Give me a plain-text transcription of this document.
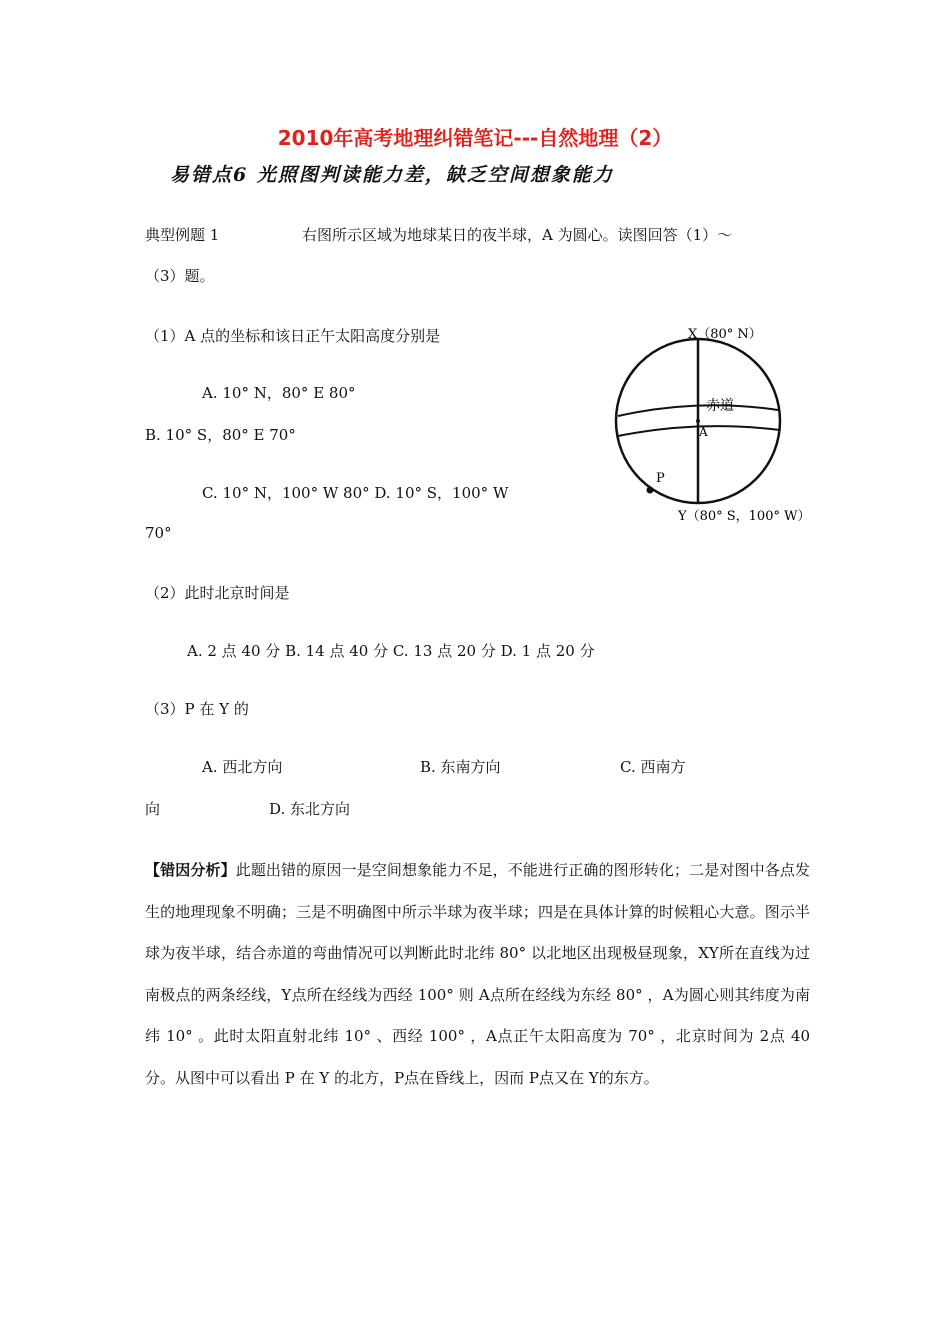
2010年高考地理纠错笔记---自然地理（2）
易错点6 光照图判读能力差，缺乏空间想象能力
典型例题 1	右图所示区域为地球某日的夜半球，A 为圆心。读图回答（1）～
（3）题。
（1）A 点的坐标和该日正午太阳高度分别是
A. 10° N，80° E 80°
B. 10° S，80° E 70°
C. 10° N，100° W 80° D. 10° S，100° W
70°
（2）此时北京时间是
A. 2 点 40 分 B. 14 点 40 分 C. 13 点 20 分 D. 1 点 20 分
（3）P 在 Y 的
A. 西北方向	B. 东南方向	C. 西南方
向	D. 东北方向
X（80° N）
赤道
A
P
Y（80° S，100° W）
【错因分析】此题出错的原因一是空间想象能力不足，不能进行正确的图形转化；二是对图中各点发生的地理现象不明确；三是不明确图中所示半球为夜半球；四是在具体计算的时候粗心大意。图示半球为夜半球，结合赤道的弯曲情况可以判断此时北纬 80° 以北地区出现极昼现象，XY所在直线为过南极点的两条经线，Y点所在经线为西经 100° 则 A点所在经线为东经 80° ，A为圆心则其纬度为南纬 10° 。此时太阳直射北纬 10° 、西经 100° ，A点正午太阳高度为 70° ，北京时间为 2点 40分。从图中可以看出 P 在 Y 的北方，P点在昏线上，因而 P点又在 Y的东方。
